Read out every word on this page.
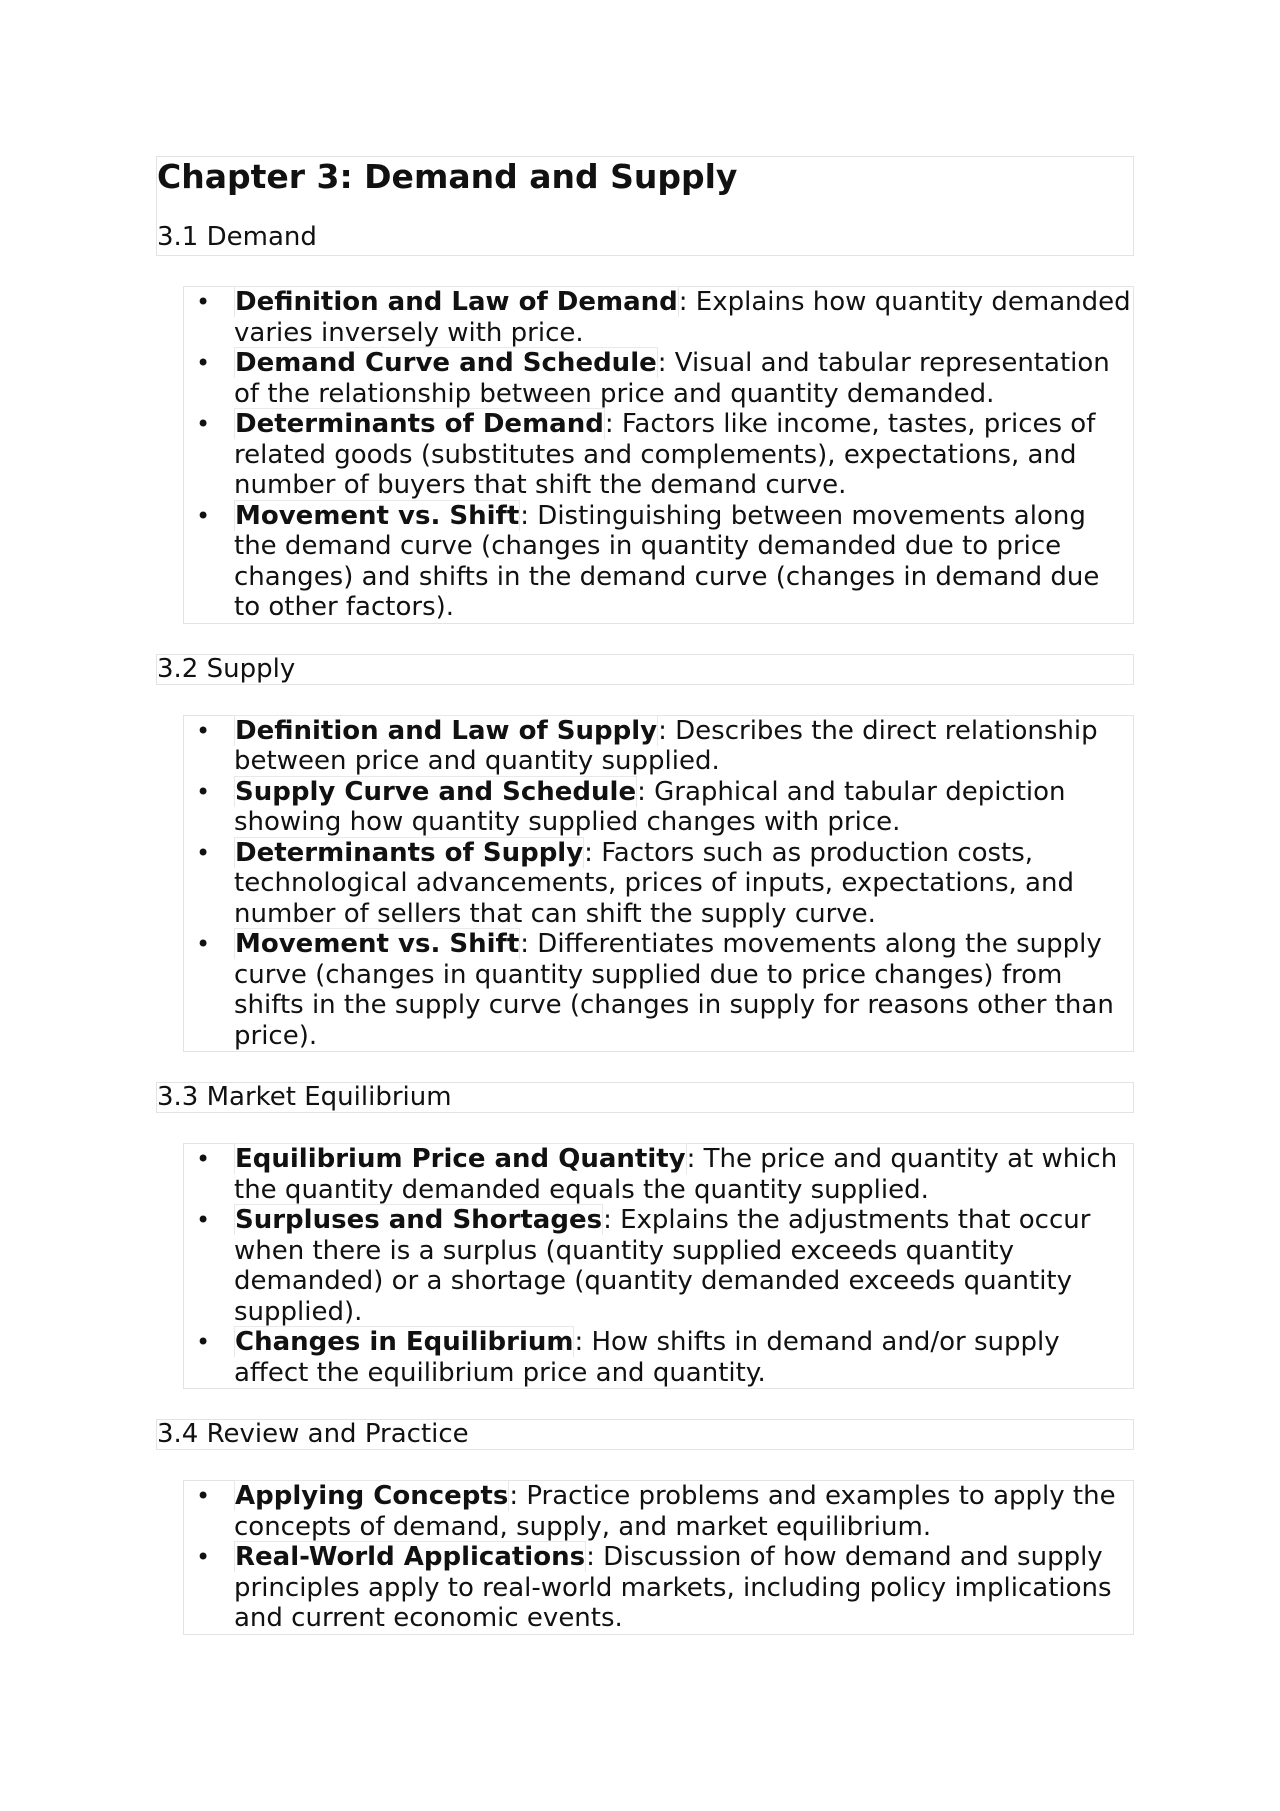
Chapter 3: Demand and Supply
3.1 Demand
• Definition and Law of Demand: Explains how quantity demanded varies inversely with price.
• Demand Curve and Schedule: Visual and tabular representation of the relationship between price and quantity demanded.
• Determinants of Demand: Factors like income, tastes, prices of related goods (substitutes and complements), expectations, and number of buyers that shift the demand curve.
• Movement vs. Shift: Distinguishing between movements along the demand curve (changes in quantity demanded due to price changes) and shifts in the demand curve (changes in demand due to other factors).
3.2 Supply
• Definition and Law of Supply: Describes the direct relationship between price and quantity supplied.
• Supply Curve and Schedule: Graphical and tabular depiction showing how quantity supplied changes with price.
• Determinants of Supply: Factors such as production costs, technological advancements, prices of inputs, expectations, and number of sellers that can shift the supply curve.
• Movement vs. Shift: Differentiates movements along the supply curve (changes in quantity supplied due to price changes) from shifts in the supply curve (changes in supply for reasons other than price).
3.3 Market Equilibrium
• Equilibrium Price and Quantity: The price and quantity at which the quantity demanded equals the quantity supplied.
• Surpluses and Shortages: Explains the adjustments that occur when there is a surplus (quantity supplied exceeds quantity demanded) or a shortage (quantity demanded exceeds quantity supplied).
• Changes in Equilibrium: How shifts in demand and/or supply affect the equilibrium price and quantity.
3.4 Review and Practice
• Applying Concepts: Practice problems and examples to apply the concepts of demand, supply, and market equilibrium.
• Real-World Applications: Discussion of how demand and supply principles apply to real-world markets, including policy implications and current economic events.
